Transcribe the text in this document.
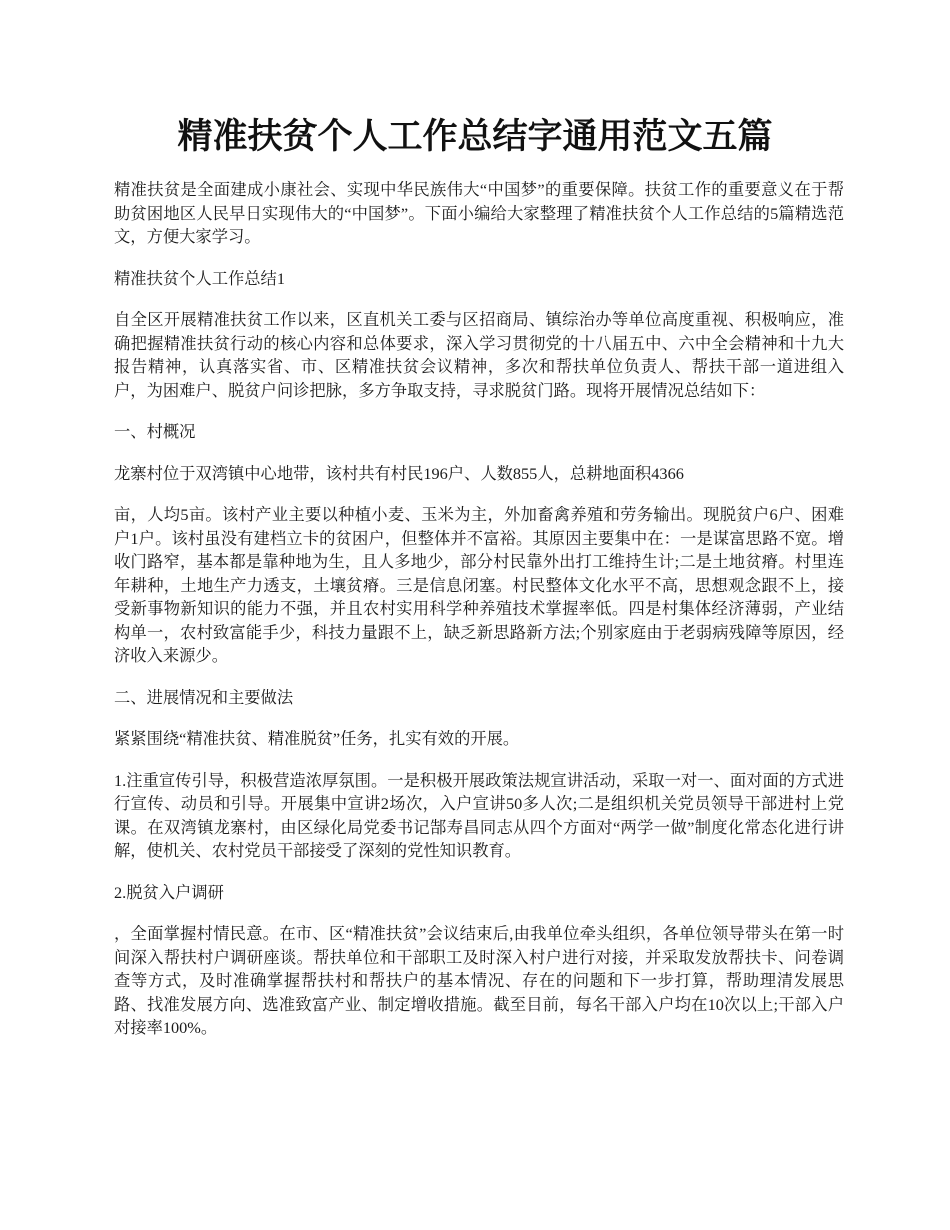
精准扶贫个人工作总结字通用范文五篇

精准扶贫是全面建成小康社会、实现中华民族伟大“中国梦”的重要保障。扶贫工作的重要意义在于帮助贫困地区人民早日实现伟大的“中国梦”。下面小编给大家整理了精准扶贫个人工作总结的5篇精选范文，方便大家学习。

精准扶贫个人工作总结1

自全区开展精准扶贫工作以来，区直机关工委与区招商局、镇综治办等单位高度重视、积极响应，准确把握精准扶贫行动的核心内容和总体要求，深入学习贯彻党的十八届五中、六中全会精神和十九大报告精神，认真落实省、市、区精准扶贫会议精神，多次和帮扶单位负责人、帮扶干部一道进组入户，为困难户、脱贫户问诊把脉，多方争取支持，寻求脱贫门路。现将开展情况总结如下：

一、村概况

龙寨村位于双湾镇中心地带，该村共有村民196户、人数855人，总耕地面积4366

亩，人均5亩。该村产业主要以种植小麦、玉米为主，外加畜禽养殖和劳务输出。现脱贫户6户、困难户1户。该村虽没有建档立卡的贫困户，但整体并不富裕。其原因主要集中在：一是谋富思路不宽。增收门路窄，基本都是靠种地为生，且人多地少，部分村民靠外出打工维持生计;二是土地贫瘠。村里连年耕种，土地生产力透支，土壤贫瘠。三是信息闭塞。村民整体文化水平不高，思想观念跟不上，接受新事物新知识的能力不强，并且农村实用科学种养殖技术掌握率低。四是村集体经济薄弱，产业结构单一，农村致富能手少，科技力量跟不上，缺乏新思路新方法;个别家庭由于老弱病残障等原因，经济收入来源少。

二、进展情况和主要做法

紧紧围绕“精准扶贫、精准脱贫”任务，扎实有效的开展。

1.注重宣传引导，积极营造浓厚氛围。一是积极开展政策法规宣讲活动，采取一对一、面对面的方式进行宣传、动员和引导。开展集中宣讲2场次，入户宣讲50多人次;二是组织机关党员领导干部进村上党课。在双湾镇龙寨村，由区绿化局党委书记郜寿昌同志从四个方面对“两学一做”制度化常态化进行讲解，使机关、农村党员干部接受了深刻的党性知识教育。

2.脱贫入户调研

，全面掌握村情民意。在市、区“精准扶贫”会议结束后,由我单位牵头组织，各单位领导带头在第一时间深入帮扶村户调研座谈。帮扶单位和干部职工及时深入村户进行对接，并采取发放帮扶卡、问卷调查等方式，及时准确掌握帮扶村和帮扶户的基本情况、存在的问题和下一步打算，帮助理清发展思路、找准发展方向、选准致富产业、制定增收措施。截至目前，每名干部入户均在10次以上;干部入户对接率100%。
